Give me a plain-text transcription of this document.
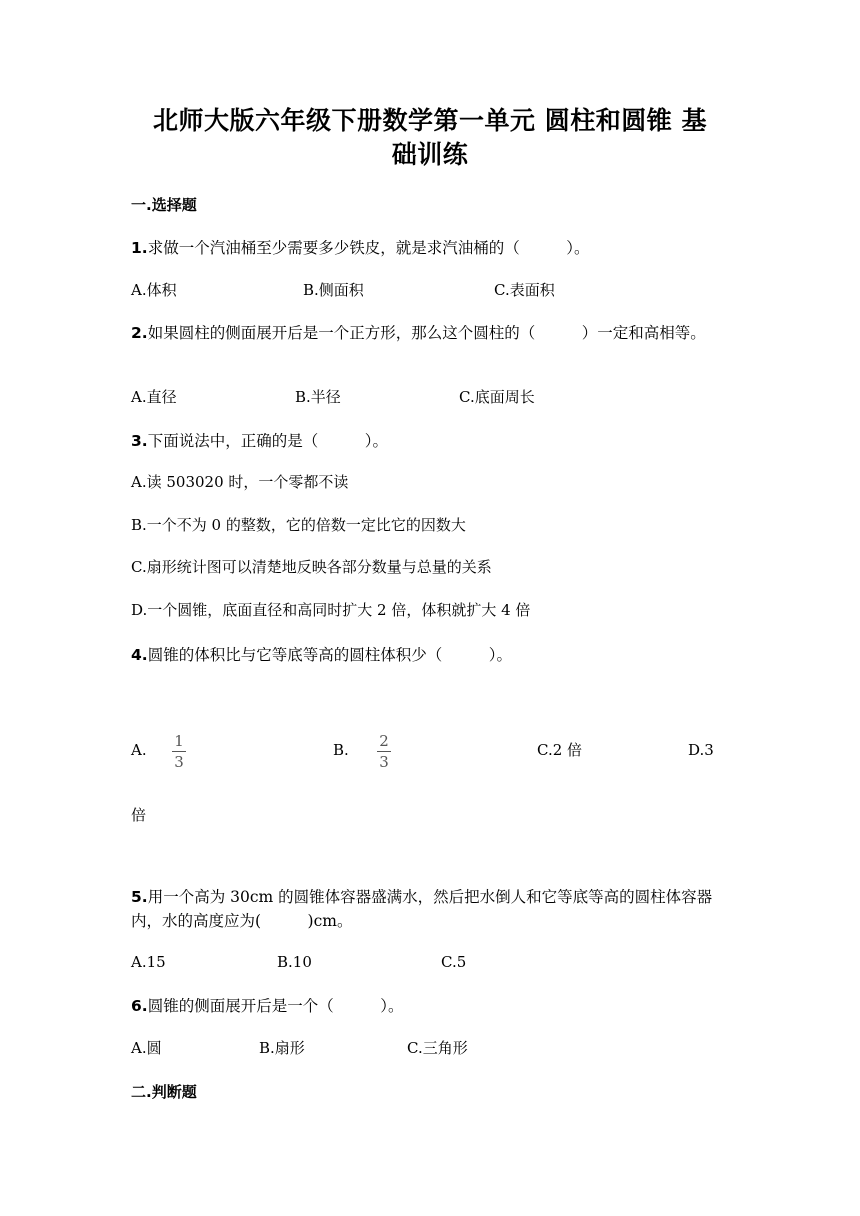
北师大版六年级下册数学第一单元 圆柱和圆锥 基
础训练
一.选择题
1.求做一个汽油桶至少需要多少铁皮，就是求汽油桶的（　　　）。
A.体积	B.侧面积	C.表面积
2.如果圆柱的侧面展开后是一个正方形，那么这个圆柱的（　　　）一定和高相等。
A.直径	B.半径	C.底面周长
3.下面说法中，正确的是（　　　）。
A.读 503020 时，一个零都不读
B.一个不为 0 的整数，它的倍数一定比它的因数大
C.扇形统计图可以清楚地反映各部分数量与总量的关系
D.一个圆锥，底面直径和高同时扩大 2 倍，体积就扩大 4 倍
4.圆锥的体积比与它等底等高的圆柱体积少（　　　）。
A. 1
3
B. 2
3
C.2 倍	D.3
倍
5.用一个高为 30cm 的圆锥体容器盛满水，然后把水倒人和它等底等高的圆柱体容器内，水的高度应为(　　　)cm。
A.15	B.10	C.5
6.圆锥的侧面展开后是一个（　　　）。
A.圆	B.扇形	C.三角形
二.判断题
